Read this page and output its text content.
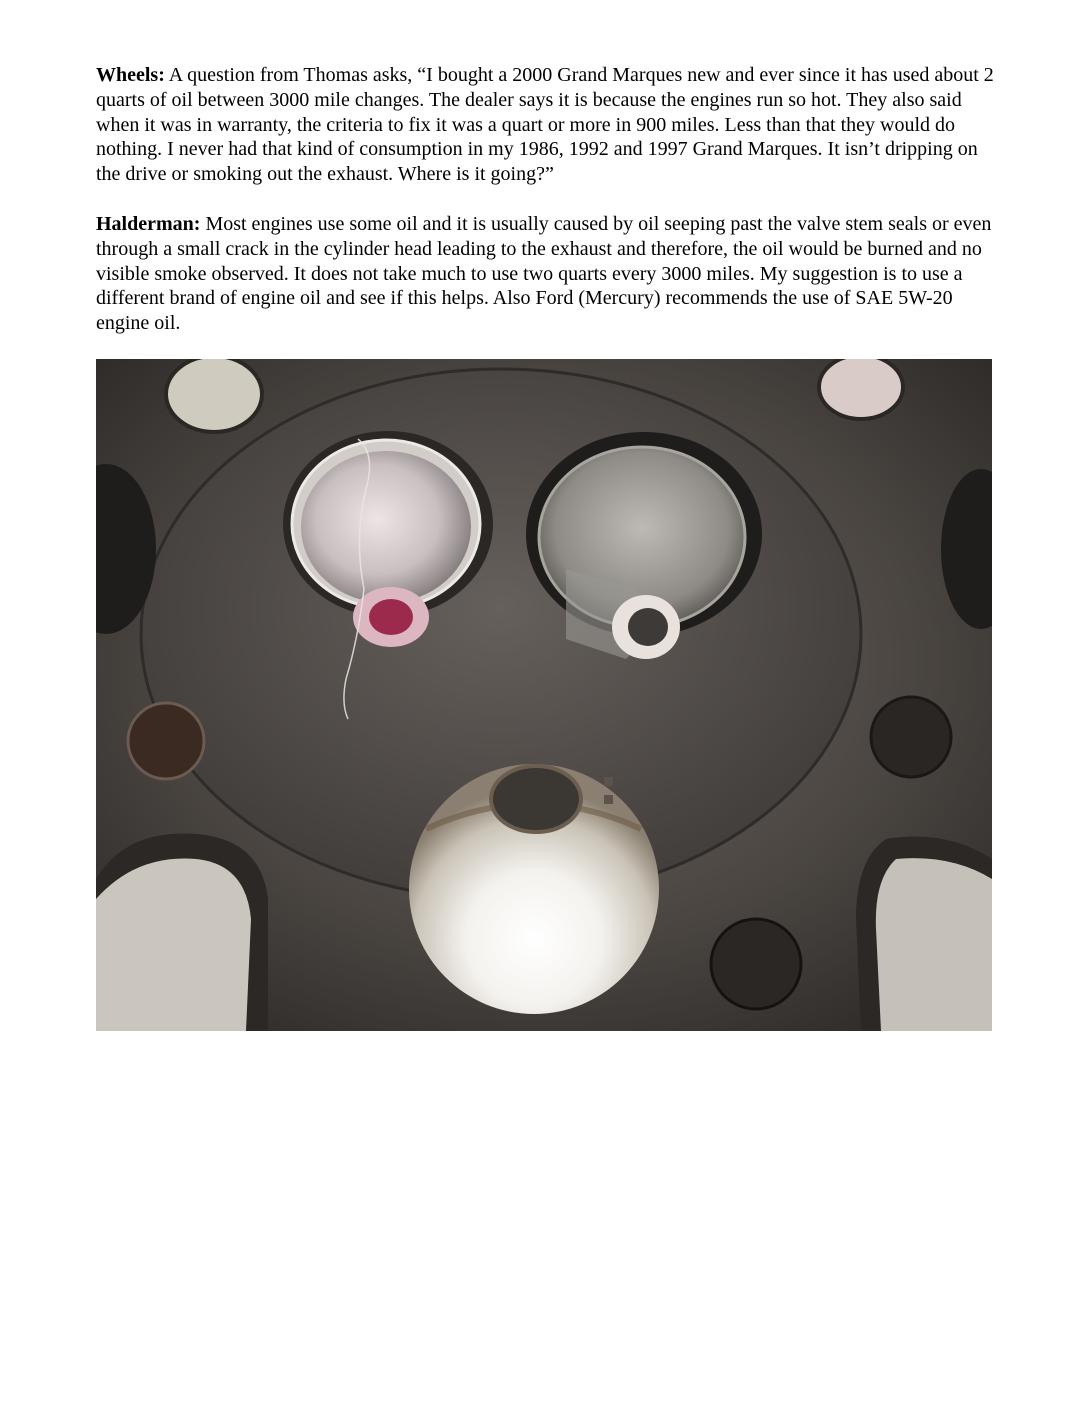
Wheels: A question from Thomas asks, “I bought a 2000 Grand Marques new and ever since it has used about 2 quarts of oil between 3000 mile changes. The dealer says it is because the engines run so hot. They also said when it was in warranty, the criteria to fix it was a quart or more in 900 miles. Less than that they would do nothing. I never had that kind of consumption in my 1986, 1992 and 1997 Grand Marques. It isn’t dripping on the drive or smoking out the exhaust. Where is it going?”

Halderman: Most engines use some oil and it is usually caused by oil seeping past the valve stem seals or even through a small crack in the cylinder head leading to the exhaust and therefore, the oil would be burned and no visible smoke observed. It does not take much to use two quarts every 3000 miles. My suggestion is to use a different brand of engine oil and see if this helps. Also Ford (Mercury) recommends the use of SAE 5W-20 engine oil.
